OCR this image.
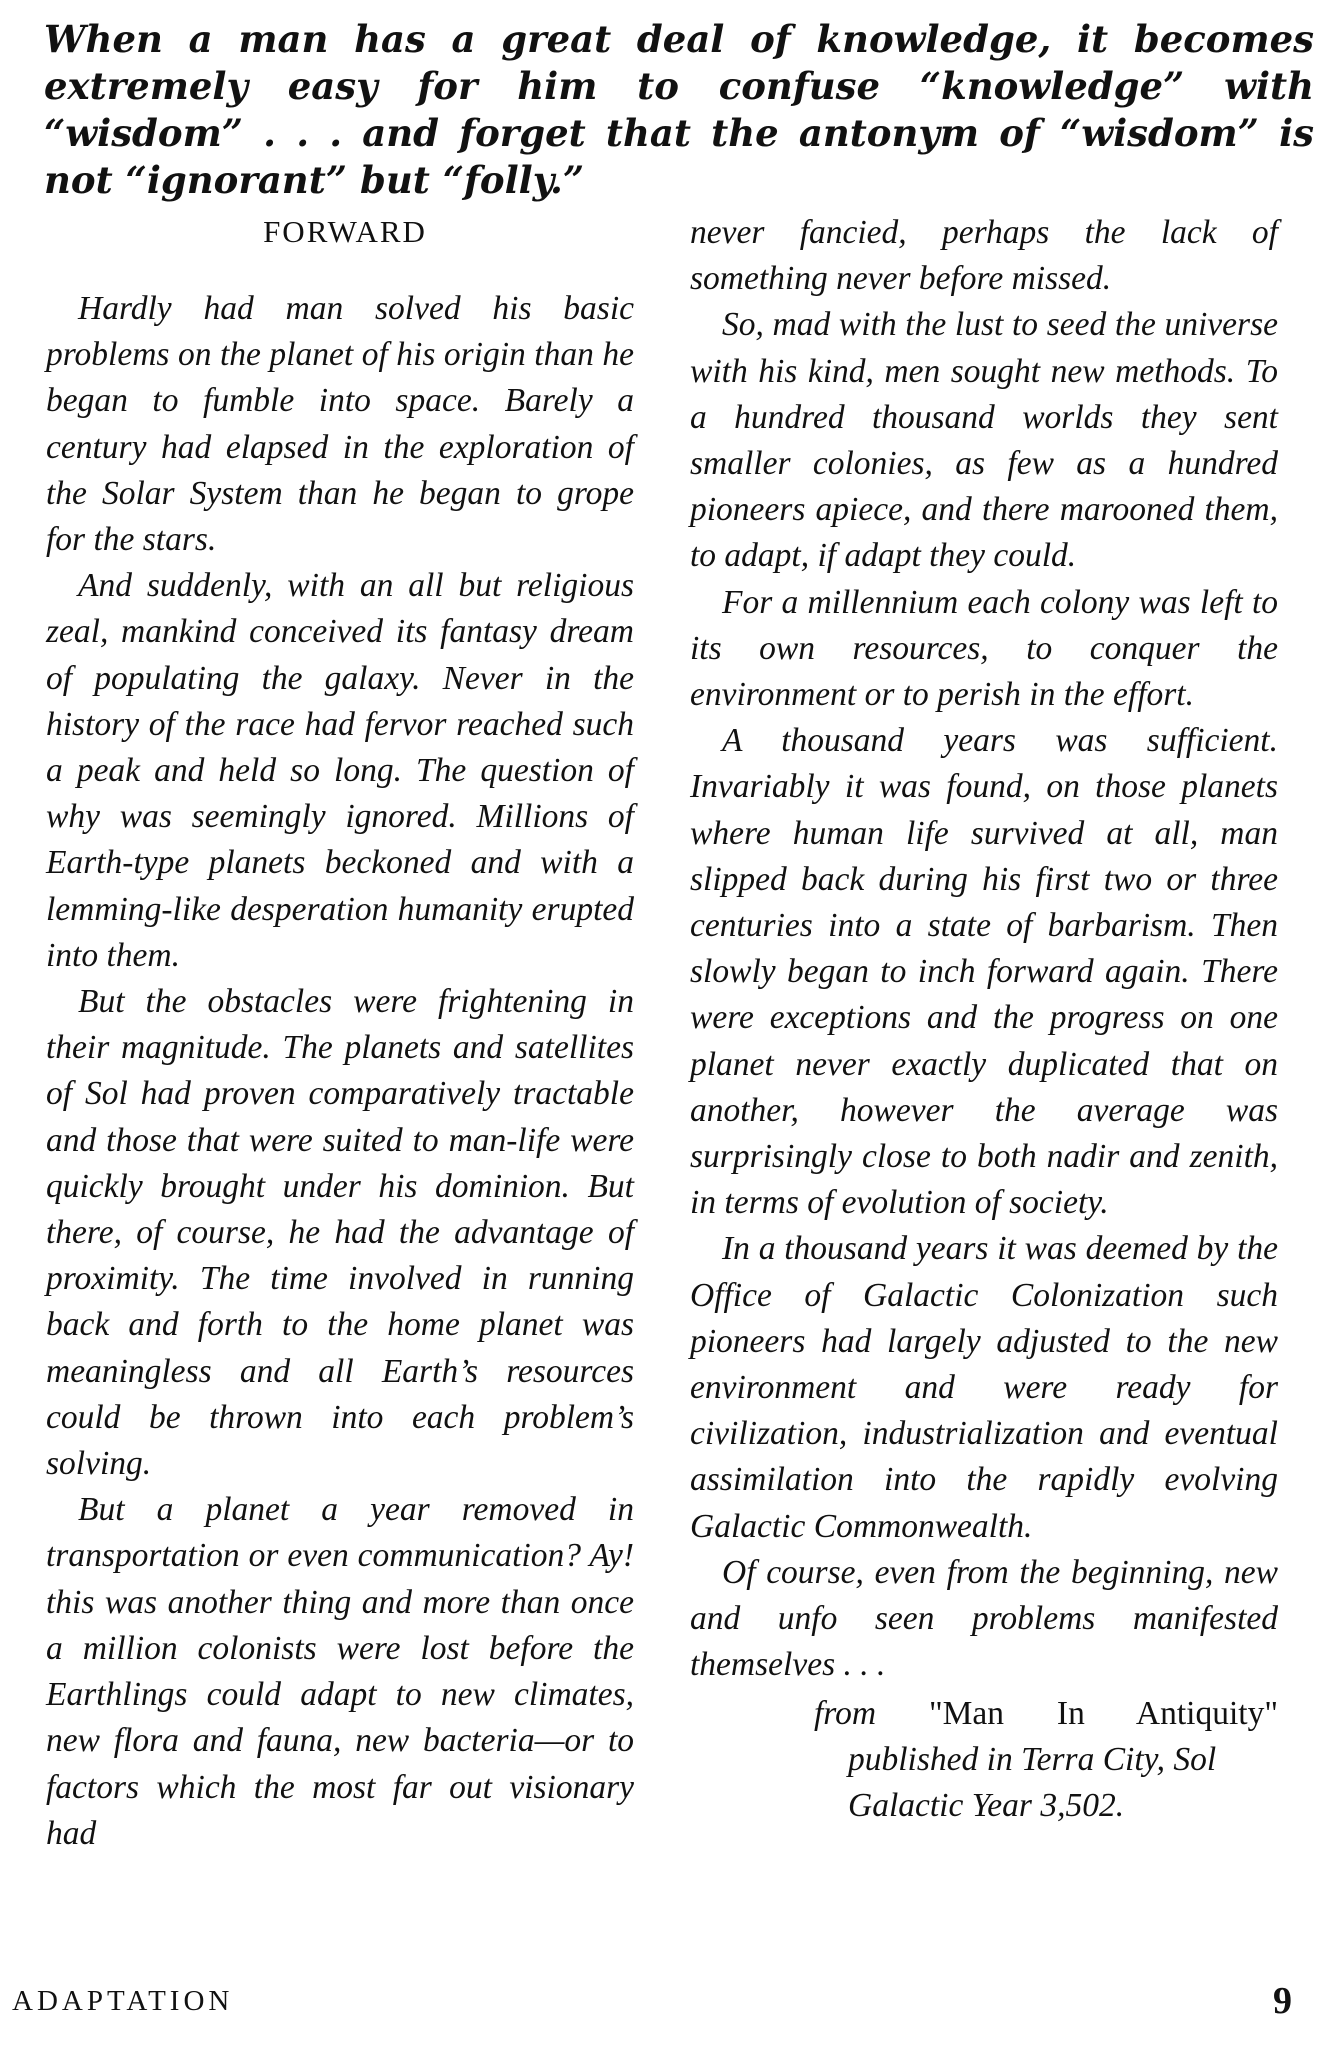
When a man has a great deal of knowledge, it becomes extremely easy for him to confuse “knowledge” with “wisdom” . . . and forget that the antonym of “wisdom” is not “ignorant” but “folly.”

FORWARD

Hardly had man solved his basic problems on the planet of his origin than he began to fumble into space. Barely a century had elapsed in the exploration of the Solar System than he began to grope for the stars.

And suddenly, with an all but religious zeal, mankind conceived its fantasy dream of populating the galaxy. Never in the history of the race had fervor reached such a peak and held so long. The question of why was seemingly ignored. Millions of Earth-type planets beckoned and with a lemming-like desperation humanity erupted into them.

But the obstacles were frightening in their magnitude. The planets and satellites of Sol had proven comparatively tractable and those that were suited to man-life were quickly brought under his dominion. But there, of course, he had the advantage of proximity. The time involved in running back and forth to the home planet was meaningless and all Earth’s resources could be thrown into each problem’s solving.

But a planet a year removed in transportation or even communication? Ay! this was another thing and more than once a million colonists were lost before the Earthlings could adapt to new climates, new flora and fauna, new bacteria—or to factors which the most far out visionary had

never fancied, perhaps the lack of something never before missed.

So, mad with the lust to seed the universe with his kind, men sought new methods. To a hundred thousand worlds they sent smaller colonies, as few as a hundred pioneers apiece, and there marooned them, to adapt, if adapt they could.

For a millennium each colony was left to its own resources, to conquer the environment or to perish in the effort.

A thousand years was sufficient. Invariably it was found, on those planets where human life survived at all, man slipped back during his first two or three centuries into a state of barbarism. Then slowly began to inch forward again. There were exceptions and the progress on one planet never exactly duplicated that on another, however the average was surprisingly close to both nadir and zenith, in terms of evolution of society.

In a thousand years it was deemed by the Office of Galactic Colonization such pioneers had largely adjusted to the new environment and were ready for civilization, industrialization and eventual assimilation into the rapidly evolving Galactic Commonwealth.

Of course, even from the beginning, new and unfo seen problems manifested themselves . . .

from "Man In Antiquity"
published in Terra City, Sol
Galactic Year 3,502.
ADAPTATION	9
